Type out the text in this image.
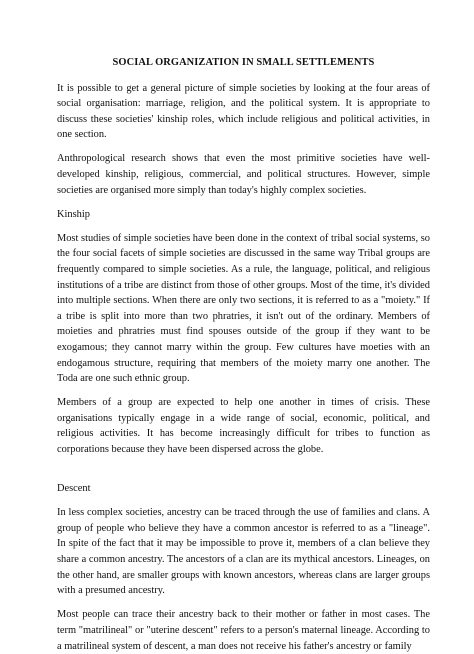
SOCIAL ORGANIZATION IN SMALL SETTLEMENTS

It is possible to get a general picture of simple societies by looking at the four areas of social organisation: marriage, religion, and the political system. It is appropriate to discuss these societies' kinship roles, which include religious and political activities, in one section.

Anthropological research shows that even the most primitive societies have well-developed kinship, religious, commercial, and political structures. However, simple societies are organised more simply than today's highly complex societies.

Kinship

Most studies of simple societies have been done in the context of tribal social systems, so the four social facets of simple societies are discussed in the same way Tribal groups are frequently compared to simple societies. As a rule, the language, political, and religious institutions of a tribe are distinct from those of other groups. Most of the time, it's divided into multiple sections. When there are only two sections, it is referred to as a "moiety." If a tribe is split into more than two phratries, it isn't out of the ordinary. Members of moieties and phratries must find spouses outside of the group if they want to be exogamous; they cannot marry within the group. Few cultures have moeties with an endogamous structure, requiring that members of the moiety marry one another. The Toda are one such ethnic group.

Members of a group are expected to help one another in times of crisis. These organisations typically engage in a wide range of social, economic, political, and religious activities. It has become increasingly difficult for tribes to function as corporations because they have been dispersed across the globe.

Descent

In less complex societies, ancestry can be traced through the use of families and clans. A group of people who believe they have a common ancestor is referred to as a "lineage". In spite of the fact that it may be impossible to prove it, members of a clan believe they share a common ancestry. The ancestors of a clan are its mythical ancestors. Lineages, on the other hand, are smaller groups with known ancestors, whereas clans are larger groups with a presumed ancestry.

Most people can trace their ancestry back to their mother or father in most cases. The term "matrilineal" or "uterine descent" refers to a person's maternal lineage. According to a matrilineal system of descent, a man does not receive his father's ancestry or family
